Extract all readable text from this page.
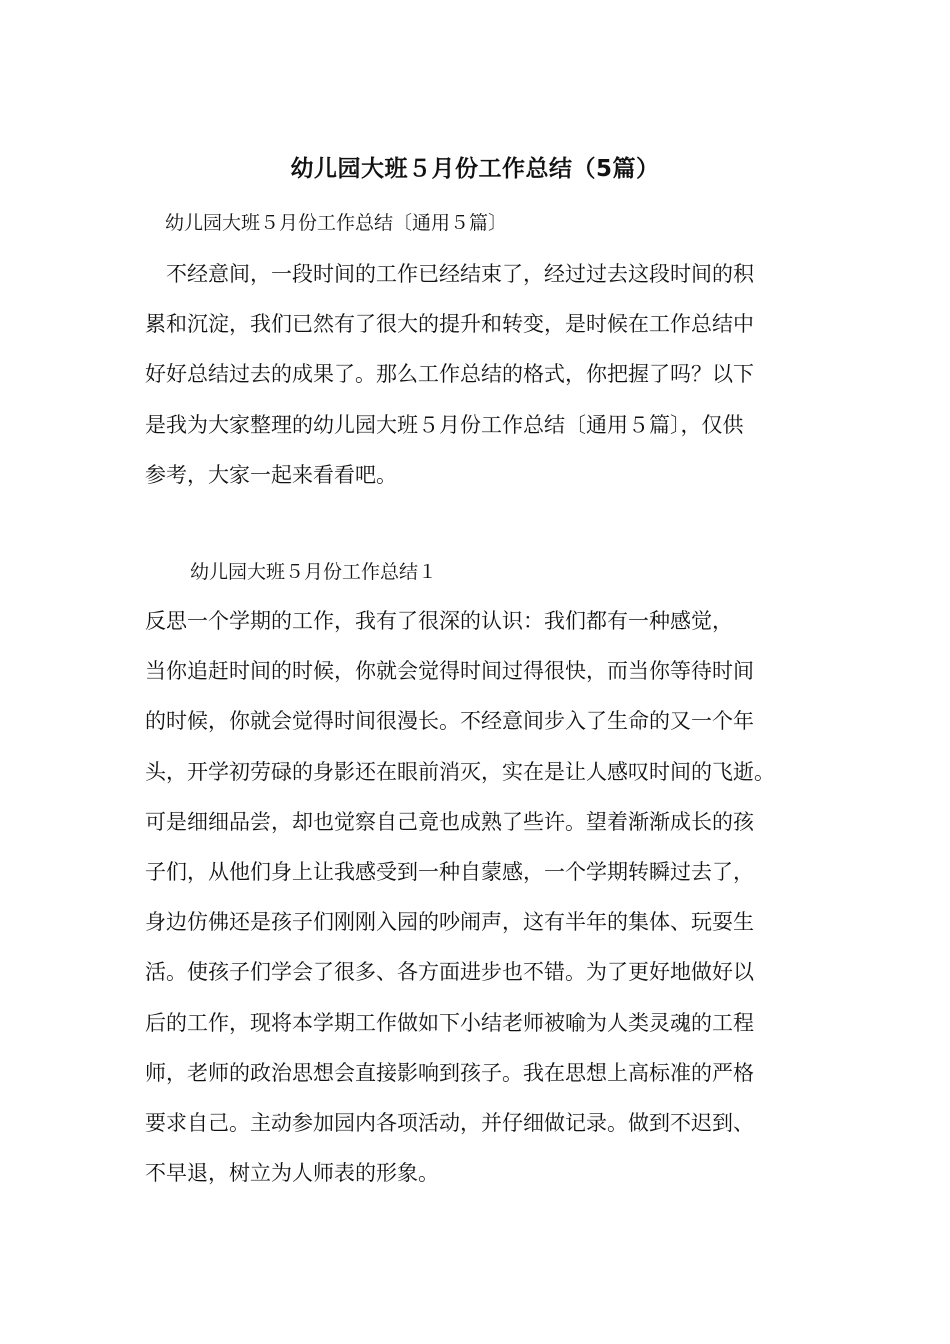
幼儿园大班５月份工作总结（5篇）
幼儿园大班５月份工作总结〔通用５篇〕
　不经意间，一段时间的工作已经结束了，经过过去这段时间的积
累和沉淀，我们已然有了很大的提升和转变，是时候在工作总结中
好好总结过去的成果了。那么工作总结的格式，你把握了吗？以下
是我为大家整理的幼儿园大班５月份工作总结〔通用５篇〕，仅供
参考，大家一起来看看吧。
幼儿园大班５月份工作总结１
反思一个学期的工作，我有了很深的认识：我们都有一种感觉，
当你追赶时间的时候，你就会觉得时间过得很快，而当你等待时间
的时候，你就会觉得时间很漫长。不经意间步入了生命的又一个年
头，开学初劳碌的身影还在眼前消灭，实在是让人感叹时间的飞逝。
可是细细品尝，却也觉察自己竟也成熟了些许。望着渐渐成长的孩
子们，从他们身上让我感受到一种自蒙感，一个学期转瞬过去了，
身边仿佛还是孩子们刚刚入园的吵闹声，这有半年的集体、玩耍生
活。使孩子们学会了很多、各方面进步也不错。为了更好地做好以
后的工作，现将本学期工作做如下小结老师被喻为人类灵魂的工程
师，老师的政治思想会直接影响到孩子。我在思想上高标准的严格
要求自己。主动参加园内各项活动，并仔细做记录。做到不迟到、
不早退，树立为人师表的形象。
